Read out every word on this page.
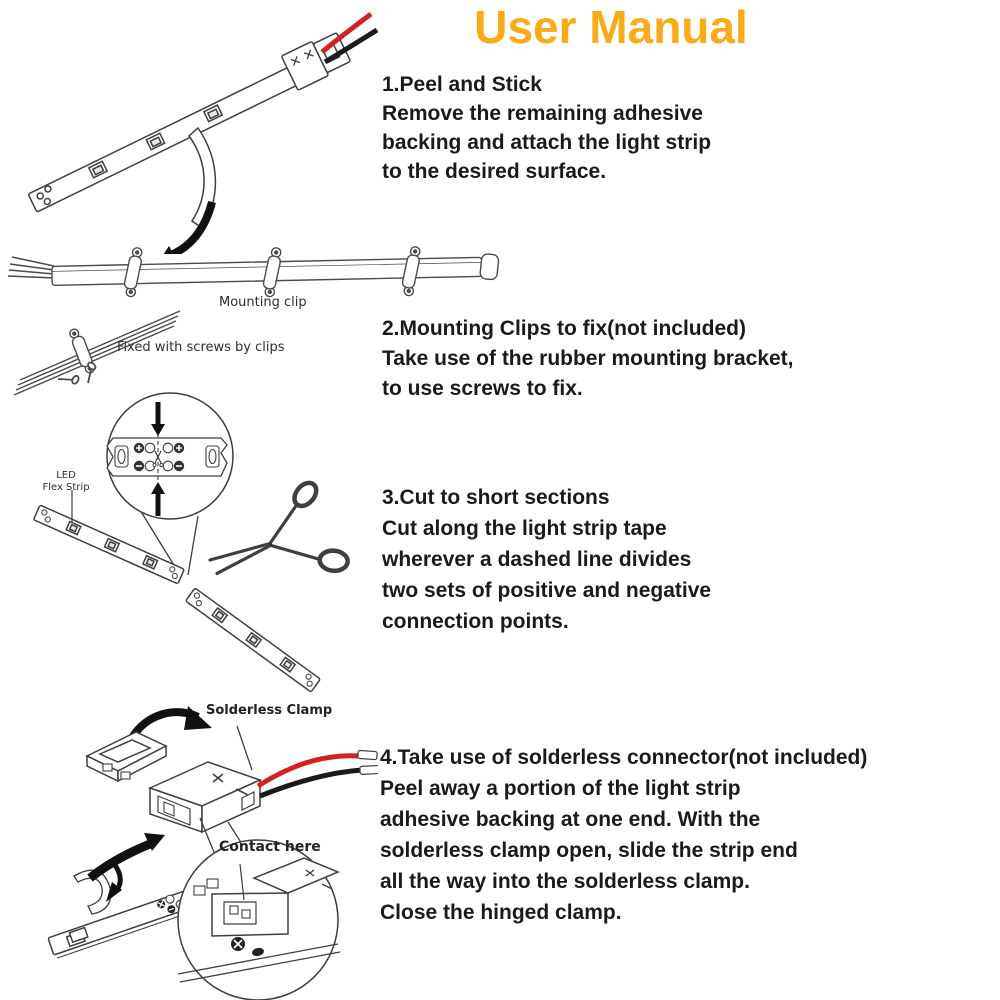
User Manual
Mounting clip
Fixed with screws by clips
LED
Flex Strip
Solderless Clamp
Contact here
1.Peel and Stick
Remove the remaining adhesive
backing and attach the light strip
to the desired surface.
2.Mounting Clips to fix(not included)
Take use of the rubber mounting bracket,
to use screws to fix.
3.Cut to short sections
Cut along the light strip tape
wherever a dashed line divides
two sets of positive and negative
connection points.
4.Take use of solderless connector(not included)
Peel away a portion of the light strip
adhesive backing at one end. With the
solderless clamp open, slide the strip end
all the way into the solderless clamp.
Close the hinged clamp.
